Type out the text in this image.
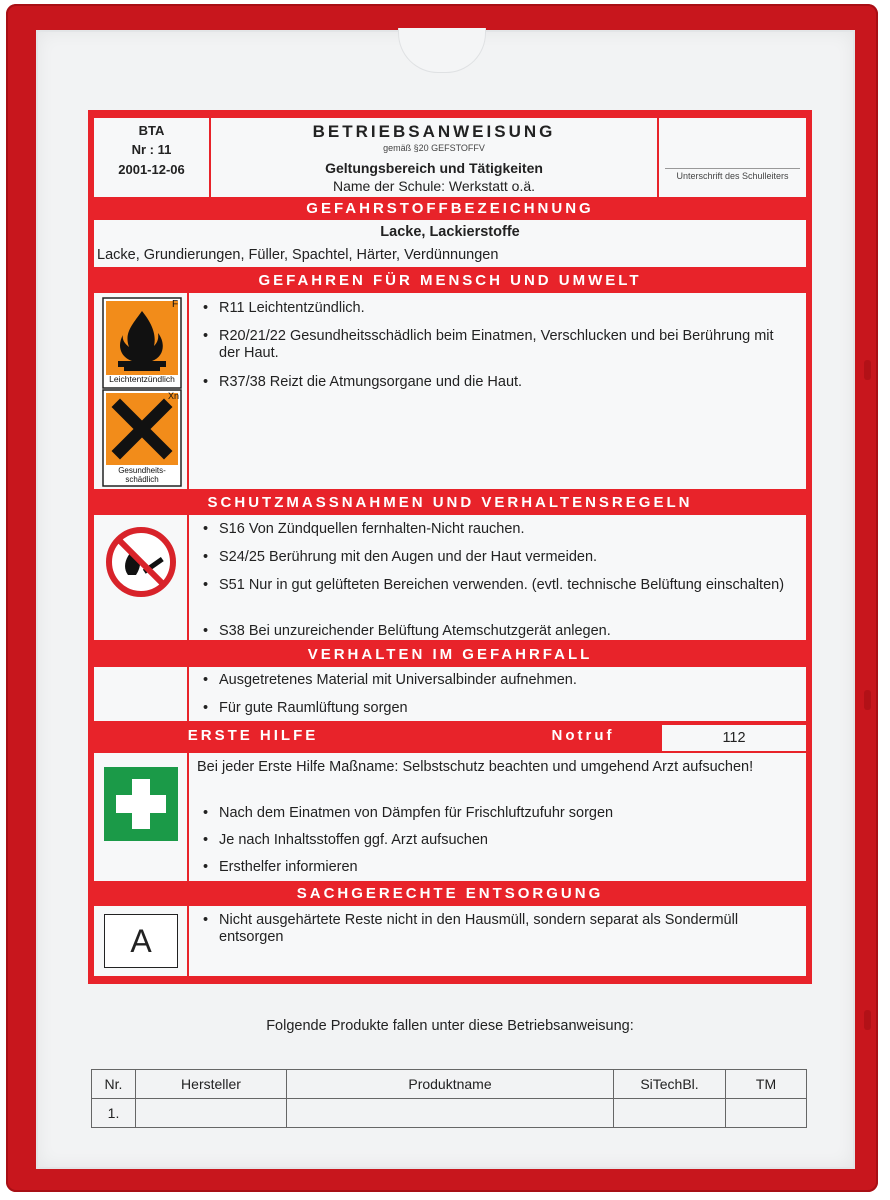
BTA
Nr : 11
2001-12-06
BETRIEBSANWEISUNG
gemäß §20 GEFSTOFFV
Geltungsbereich und Tätigkeiten
Name der Schule: Werkstatt o.ä.
Unterschrift des Schulleiters
GEFAHRSTOFFBEZEICHNUNG
Lacke, Lackierstoffe
Lacke, Grundierungen, Füller, Spachtel, Härter, Verdünnungen
GEFAHREN FÜR MENSCH UND UMWELT
F
Leichtentzündlich
Xn
Gesundheits-
schädlich
• R11 Leichtentzündlich.
• R20/21/22 Gesundheitsschädlich beim Einatmen, Verschlucken und bei Berührung mit der Haut.
• R37/38 Reizt die Atmungsorgane und die Haut.
SCHUTZMASSNAHMEN UND VERHALTENSREGELN
• S16 Von Zündquellen fernhalten-Nicht rauchen.
• S24/25 Berührung mit den Augen und der Haut vermeiden.
• S51 Nur in gut gelüfteten Bereichen verwenden. (evtl. technische Belüftung einschalten)
• S38 Bei unzureichender Belüftung Atemschutzgerät anlegen.
VERHALTEN IM GEFAHRFALL
• Ausgetretenes Material mit Universalbinder aufnehmen.
• Für gute Raumlüftung sorgen
ERSTE HILFE	Notruf	112
Bei jeder Erste Hilfe Maßname: Selbstschutz beachten und umgehend Arzt aufsuchen!
• Nach dem Einatmen von Dämpfen für Frischluftzufuhr sorgen
• Je nach Inhaltsstoffen ggf. Arzt aufsuchen
• Ersthelfer informieren
SACHGERECHTE ENTSORGUNG
A
• Nicht ausgehärtete Reste nicht in den Hausmüll, sondern separat als Sondermüll entsorgen
Folgende Produkte fallen unter diese Betriebsanweisung:
Nr.	Hersteller	Produktname	SiTechBl.	TM
1.				
